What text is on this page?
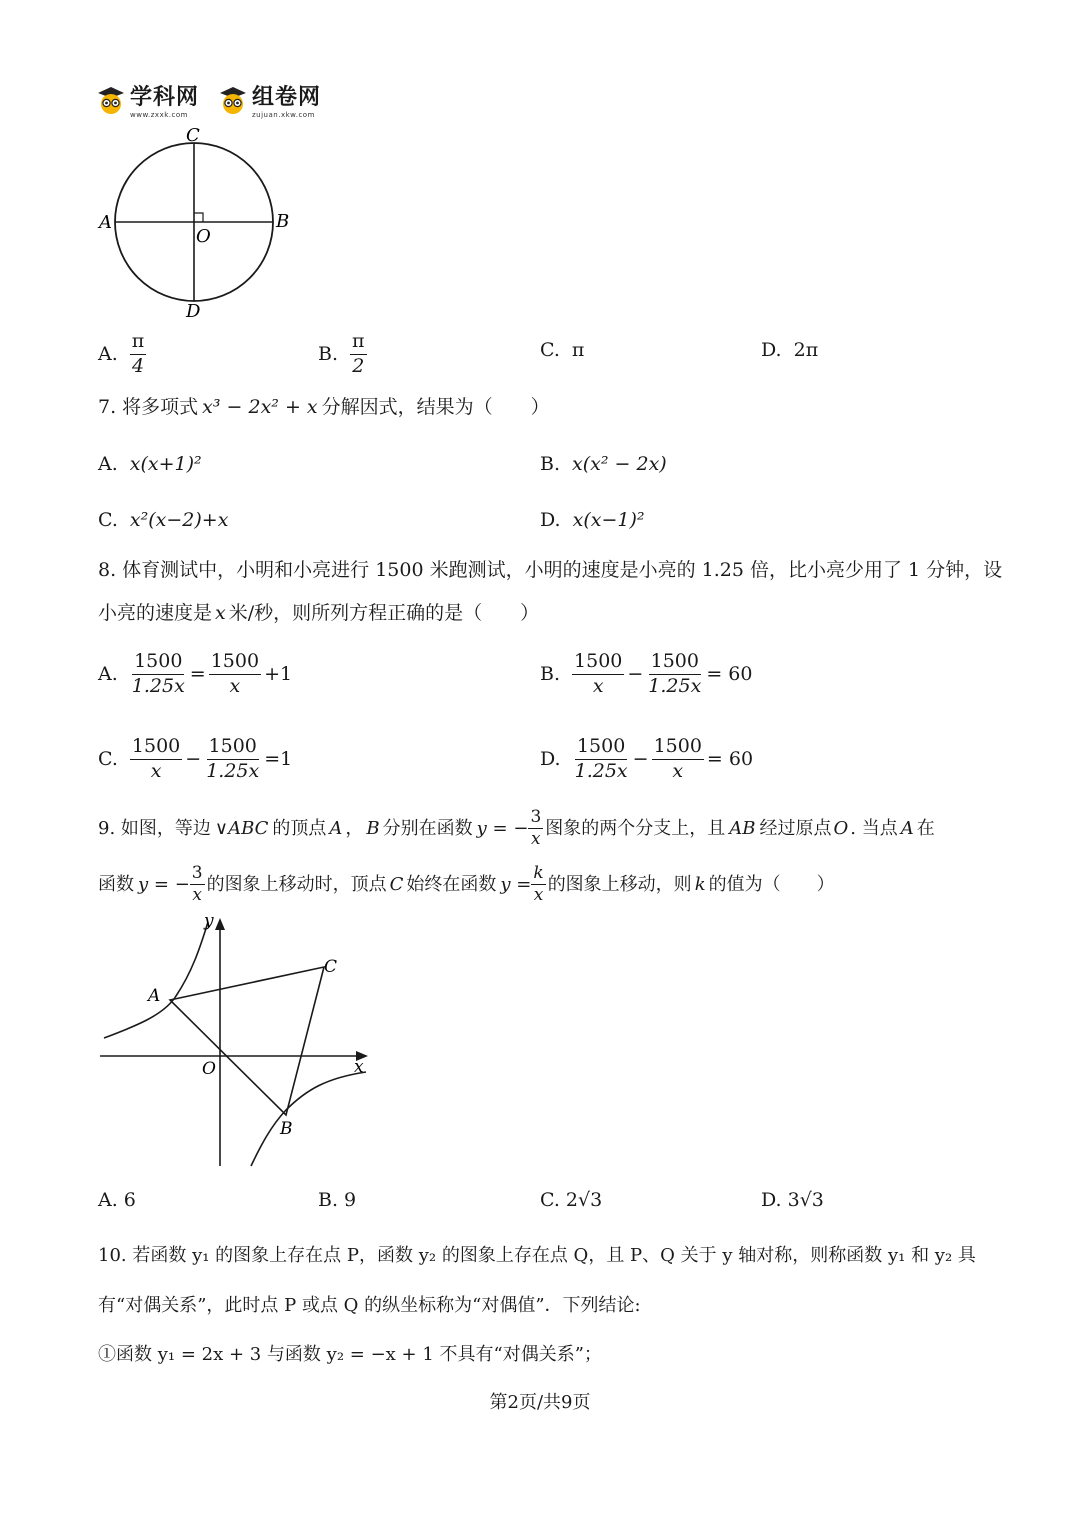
学科网
www.zxxk.com
组卷网
zujuan.xkw.com
C
A	B
O
D
A. $\frac{\pi}{4}$	B. $\frac{\pi}{2}$	C. π	D. 2π
7. 将多项式 x³ − 2x² + x 分解因式，结果为（　　）
A. x(x+1)²	B. x(x² − 2x)
C. x²(x−2)+x	D. x(x−1)²
8. 体育测试中，小明和小亮进行 1500 米跑测试，小明的速度是小亮的 1.25 倍，比小亮少用了 1 分钟，设
小亮的速度是 x 米/秒，则所列方程正确的是（　　）
A. $\frac{1500}{1.25x} = \frac{1500}{x} +1$	B. $\frac{1500}{x} - \frac{1500}{1.25x} = 60$
C. $\frac{1500}{x} - \frac{1500}{1.25x} =1$	D. $\frac{1500}{1.25x} - \frac{1500}{x} = 60$
9. 如图，等边 ∨ABC 的顶点 A ， B 分别在函数 y = − $\frac{3}{x}$ 图象的两个分支上，且 AB 经过原点 O . 当点 A 在
函数 y = − $\frac{3}{x}$ 的图象上移动时，顶点 C 始终在函数 $y = \frac{k}{x}$ 的图象上移动，则 k 的值为（　　）
y
x
A
C
O
B
A. 6	B. 9	C. 2√3	D. 3√3
10. 若函数 y₁ 的图象上存在点 P，函数 y₂ 的图象上存在点 Q，且 P、Q 关于 y 轴对称，则称函数 y₁ 和 y₂ 具
有“对偶关系”，此时点 P 或点 Q 的纵坐标称为“对偶值”．下列结论:
①函数 y₁ = 2x + 3 与函数 y₂ = −x + 1 不具有“对偶关系”；
第2页/共9页
